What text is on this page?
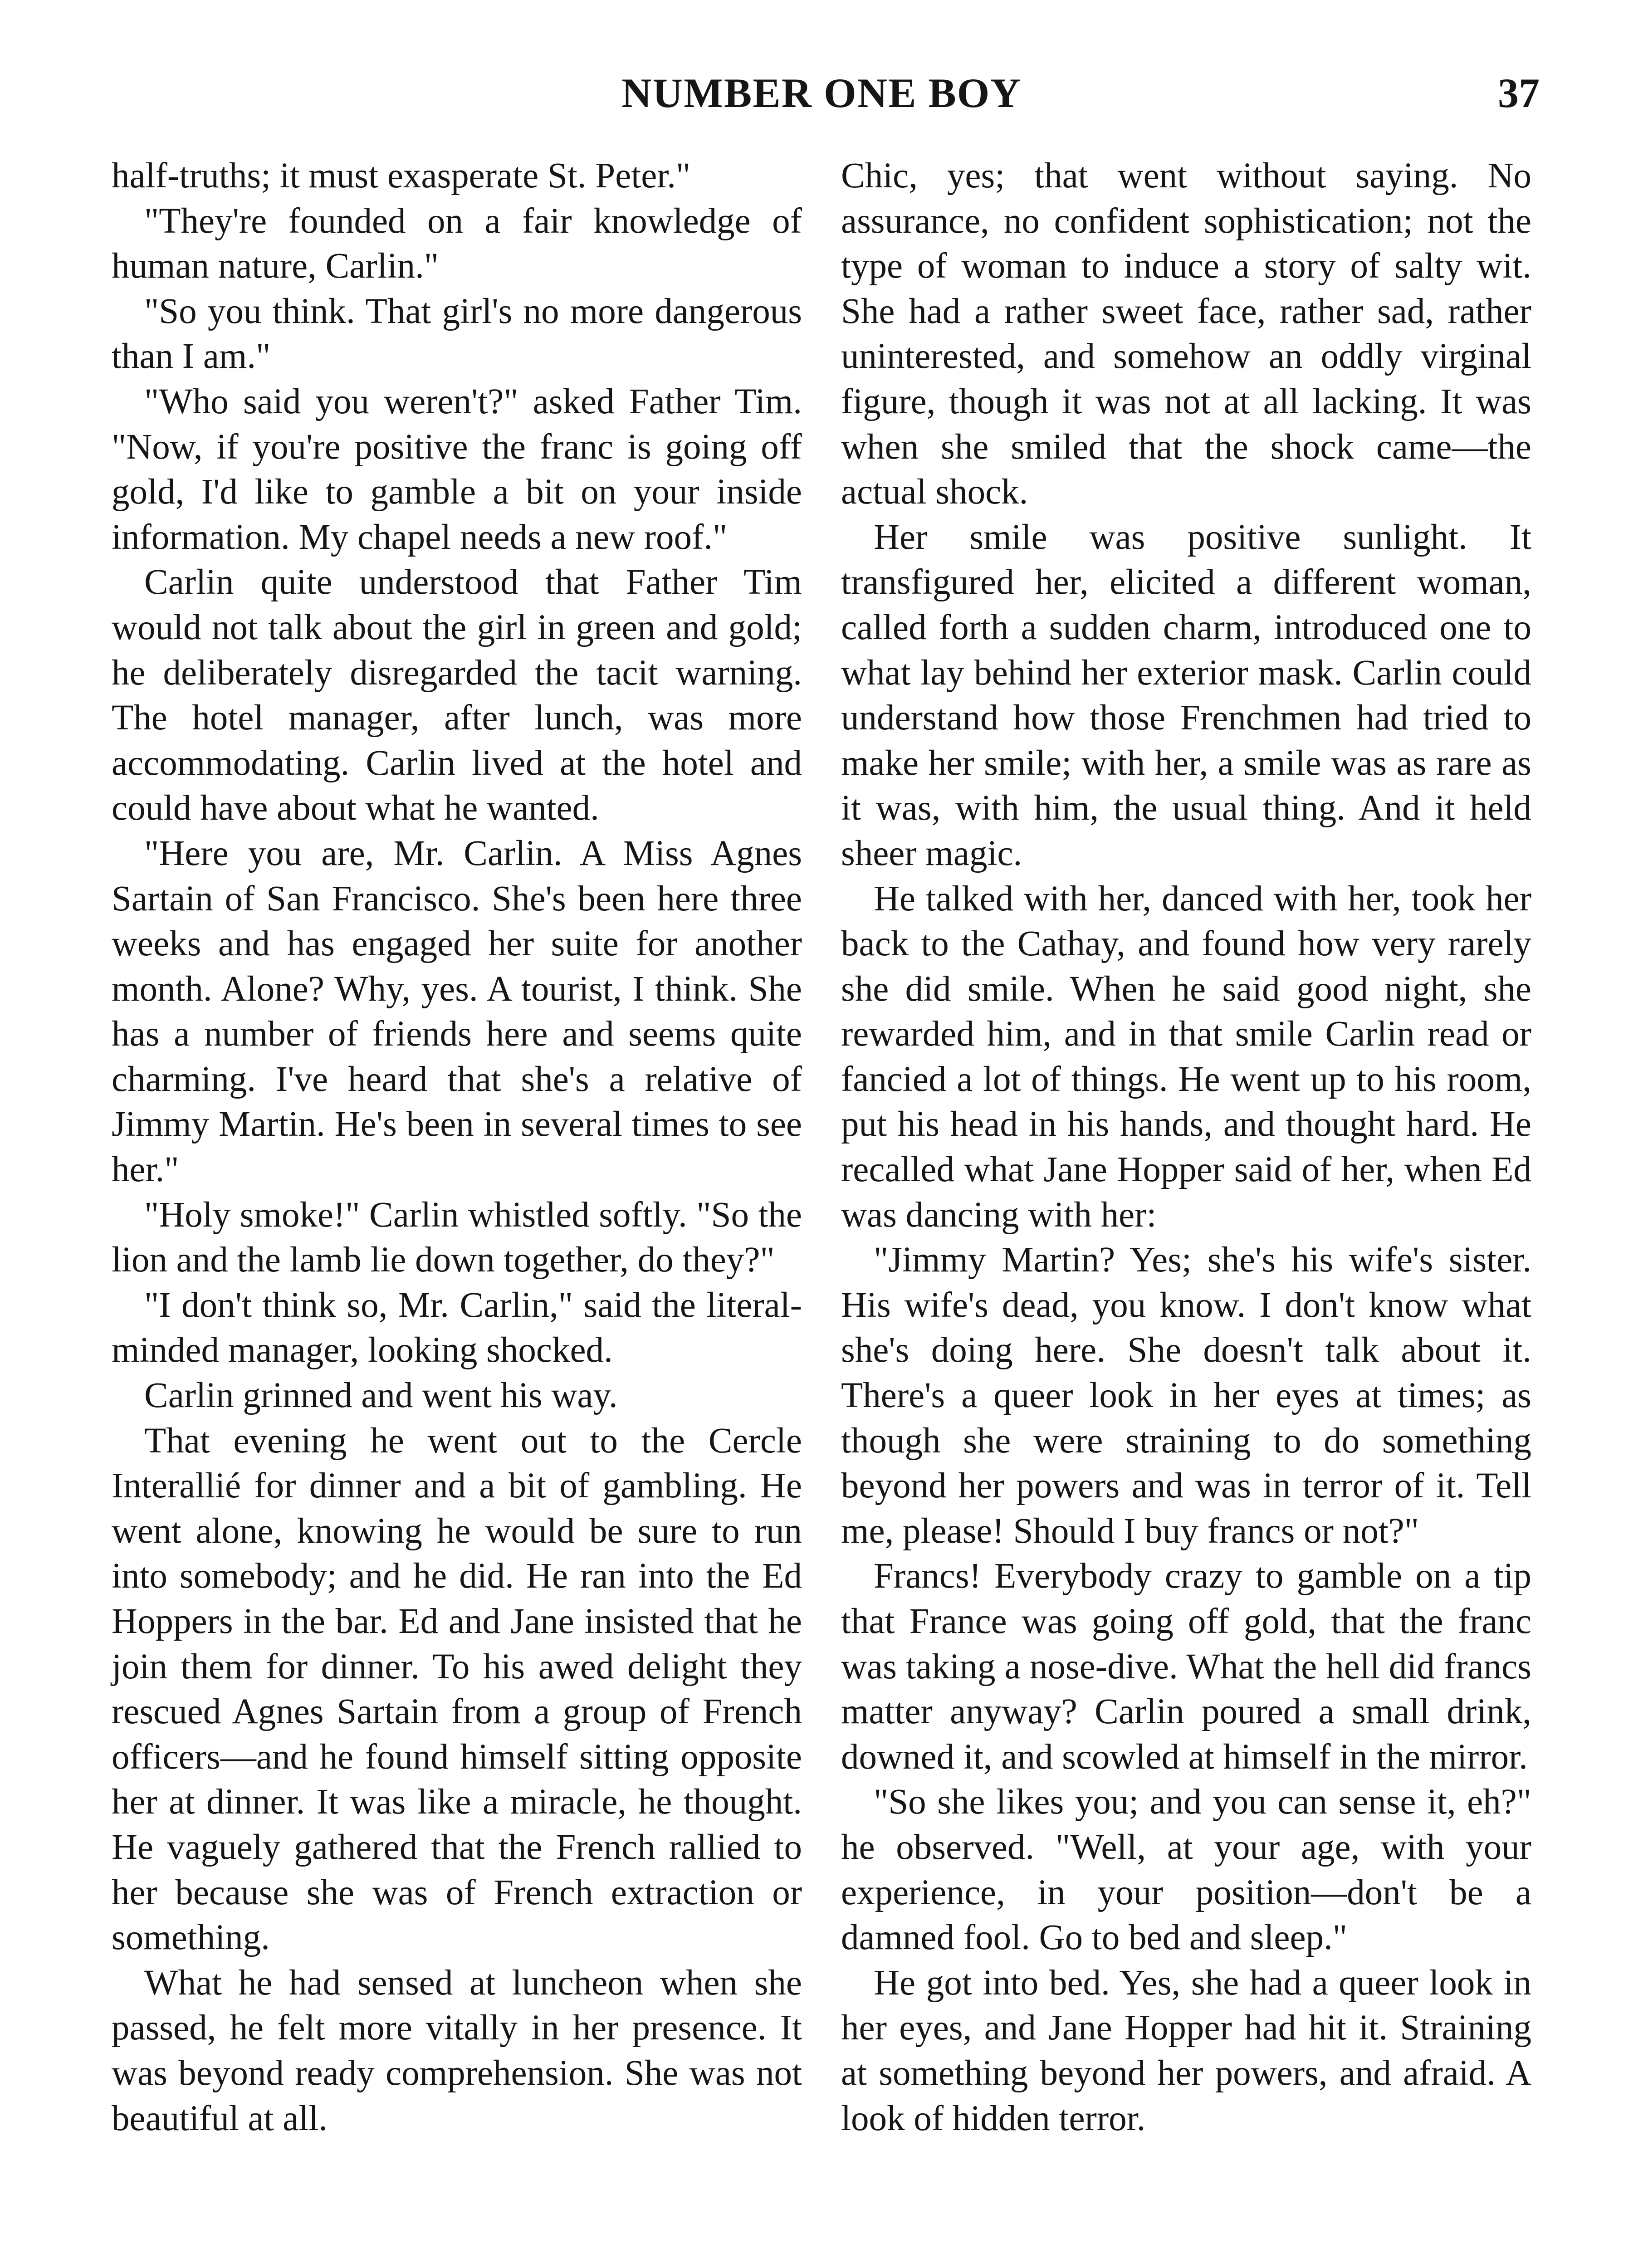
NUMBER ONE BOY	37

half-truths; it must exasperate St. Peter."

"They're founded on a fair knowledge of human nature, Carlin."

"So you think. That girl's no more dangerous than I am."

"Who said you weren't?" asked Father Tim. "Now, if you're positive the franc is going off gold, I'd like to gamble a bit on your inside information. My chapel needs a new roof."

Carlin quite understood that Father Tim would not talk about the girl in green and gold; he deliberately disregarded the tacit warning. The hotel manager, after lunch, was more accommodating. Carlin lived at the hotel and could have about what he wanted.

"Here you are, Mr. Carlin. A Miss Agnes Sartain of San Francisco. She's been here three weeks and has engaged her suite for another month. Alone? Why, yes. A tourist, I think. She has a number of friends here and seems quite charming. I've heard that she's a relative of Jimmy Martin. He's been in several times to see her."

"Holy smoke!" Carlin whistled softly. "So the lion and the lamb lie down together, do they?"

"I don't think so, Mr. Carlin," said the literal-minded manager, looking shocked.

Carlin grinned and went his way.

That evening he went out to the Cercle Interallié for dinner and a bit of gambling. He went alone, knowing he would be sure to run into somebody; and he did. He ran into the Ed Hoppers in the bar. Ed and Jane insisted that he join them for dinner. To his awed delight they rescued Agnes Sartain from a group of French officers—and he found himself sitting opposite her at dinner. It was like a miracle, he thought. He vaguely gathered that the French rallied to her because she was of French extraction or something.

What he had sensed at luncheon when she passed, he felt more vitally in her presence. It was beyond ready comprehension. She was not beautiful at all.

Chic, yes; that went without saying. No assurance, no confident sophistication; not the type of woman to induce a story of salty wit. She had a rather sweet face, rather sad, rather uninterested, and somehow an oddly virginal figure, though it was not at all lacking. It was when she smiled that the shock came—the actual shock.

Her smile was positive sunlight. It transfigured her, elicited a different woman, called forth a sudden charm, introduced one to what lay behind her exterior mask. Carlin could understand how those Frenchmen had tried to make her smile; with her, a smile was as rare as it was, with him, the usual thing. And it held sheer magic.

He talked with her, danced with her, took her back to the Cathay, and found how very rarely she did smile. When he said good night, she rewarded him, and in that smile Carlin read or fancied a lot of things. He went up to his room, put his head in his hands, and thought hard. He recalled what Jane Hopper said of her, when Ed was dancing with her:

"Jimmy Martin? Yes; she's his wife's sister. His wife's dead, you know. I don't know what she's doing here. She doesn't talk about it. There's a queer look in her eyes at times; as though she were straining to do something beyond her powers and was in terror of it. Tell me, please! Should I buy francs or not?"

Francs! Everybody crazy to gamble on a tip that France was going off gold, that the franc was taking a nose-dive. What the hell did francs matter anyway? Carlin poured a small drink, downed it, and scowled at himself in the mirror.

"So she likes you; and you can sense it, eh?" he observed. "Well, at your age, with your experience, in your position—don't be a damned fool. Go to bed and sleep."

He got into bed. Yes, she had a queer look in her eyes, and Jane Hopper had hit it. Straining at something beyond her powers, and afraid. A look of hidden terror.
